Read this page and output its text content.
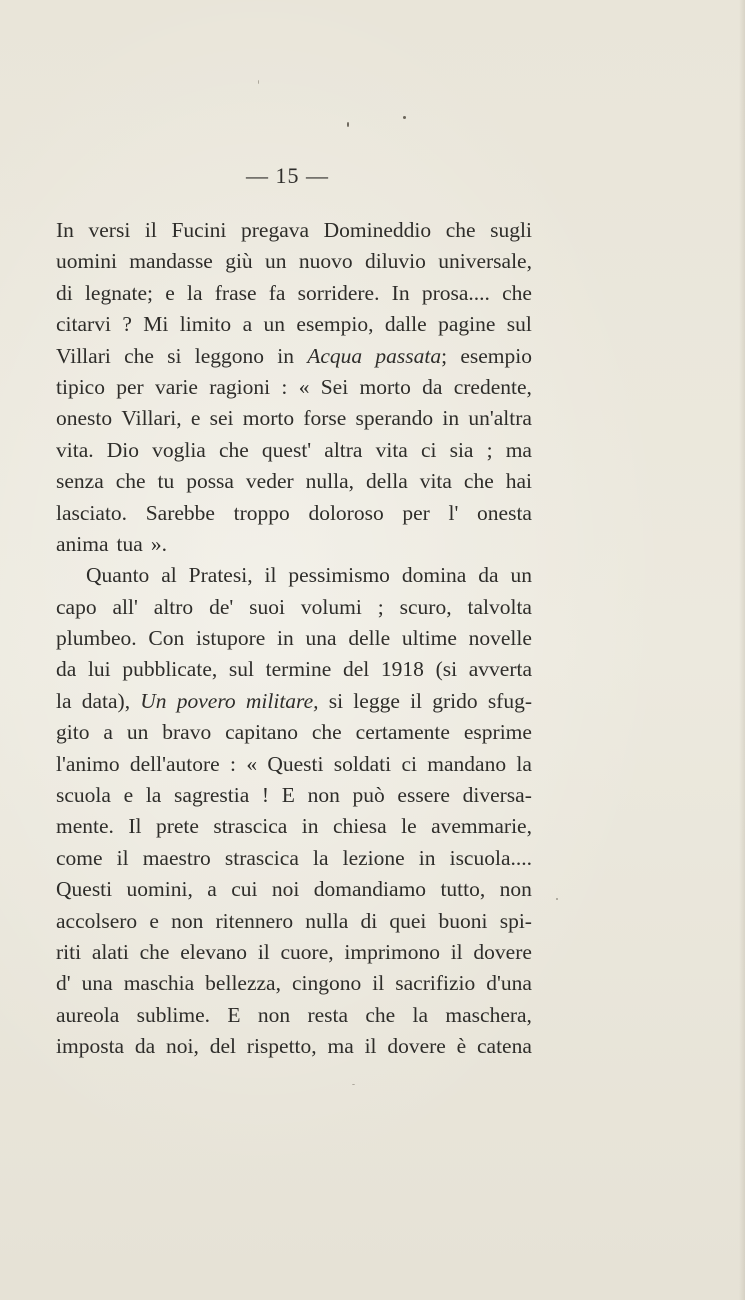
— 15 —
In versi il Fucini pregava Domineddio che sugli
uomini mandasse giù un nuovo diluvio universale,
di legnate; e la frase fa sorridere. In prosa.... che
citarvi ? Mi limito a un esempio, dalle pagine sul
Villari che si leggono in Acqua passata; esempio
tipico per varie ragioni : « Sei morto da credente,
onesto Villari, e sei morto forse sperando in un'altra
vita. Dio voglia che quest' altra vita ci sia ; ma
senza che tu possa veder nulla, della vita che hai
lasciato. Sarebbe troppo doloroso per l' onesta
anima tua ».
Quanto al Pratesi, il pessimismo domina da un
capo all' altro de' suoi volumi ; scuro, talvolta
plumbeo. Con istupore in una delle ultime novelle
da lui pubblicate, sul termine del 1918 (si avverta
la data), Un povero militare, si legge il grido sfug-
gito a un bravo capitano che certamente esprime
l'animo dell'autore : « Questi soldati ci mandano la
scuola e la sagrestia ! E non può essere diversa-
mente. Il prete strascica in chiesa le avemmarie,
come il maestro strascica la lezione in iscuola....
Questi uomini, a cui noi domandiamo tutto, non
accolsero e non ritennero nulla di quei buoni spi-
riti alati che elevano il cuore, imprimono il dovere
d' una maschia bellezza, cingono il sacrifizio d'una
aureola sublime. E non resta che la maschera,
imposta da noi, del rispetto, ma il dovere è catena
